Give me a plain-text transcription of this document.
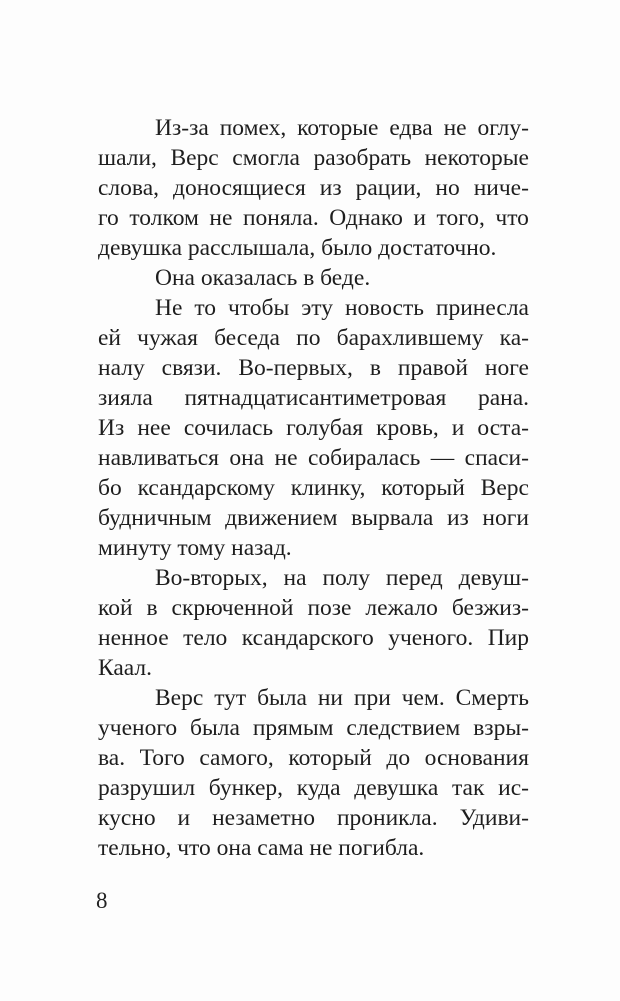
Из-за помех, которые едва не оглу-
шали, Верс смогла разобрать некоторые
слова, доносящиеся из рации, но ниче-
го толком не поняла. Однако и того, что
девушка расслышала, было достаточно.
Она оказалась в беде.
Не то чтобы эту новость принесла
ей чужая беседа по барахлившему ка-
налу связи. Во-первых, в правой ноге
зияла пятнадцатисантиметровая рана.
Из нее сочилась голубая кровь, и оста-
навливаться она не собиралась — спаси-
бо ксандарскому клинку, который Верс
будничным движением вырвала из ноги
минуту тому назад.
Во-вторых, на полу перед девуш-
кой в скрюченной позе лежало безжиз-
ненное тело ксандарского ученого. Пир
Каал.
Верс тут была ни при чем. Смерть
ученого была прямым следствием взры-
ва. Того самого, который до основания
разрушил бункер, куда девушка так ис-
кусно и незаметно проникла. Удиви-
тельно, что она сама не погибла.
8
